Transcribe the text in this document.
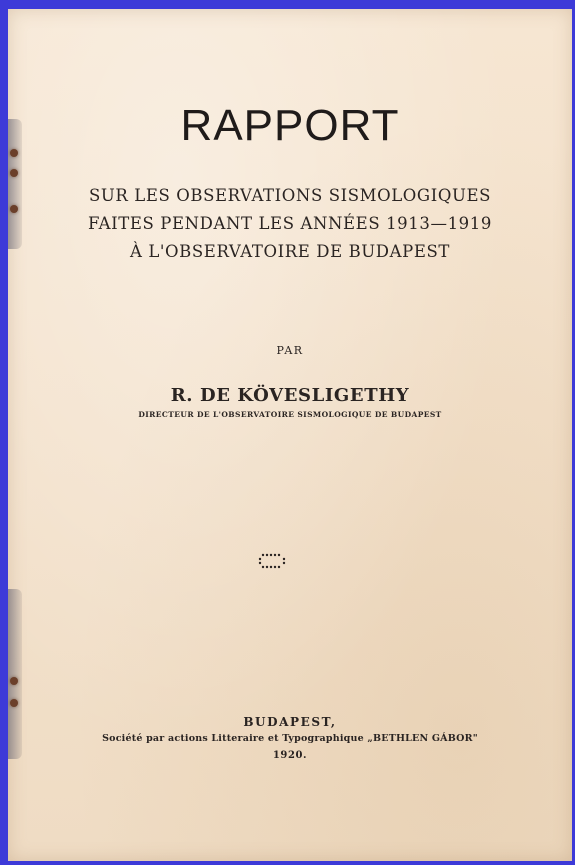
RAPPORT
SUR LES OBSERVATIONS SISMOLOGIQUES
FAITES PENDANT LES ANNÉES 1913—1919
À L'OBSERVATOIRE DE BUDAPEST
PAR
R. DE KÖVESLIGETHY
DIRECTEUR DE L'OBSERVATOIRE SISMOLOGIQUE DE BUDAPEST
BUDAPEST,
Société par actions Litteraire et Typographique „BETHLEN GÁBOR"
1920.
